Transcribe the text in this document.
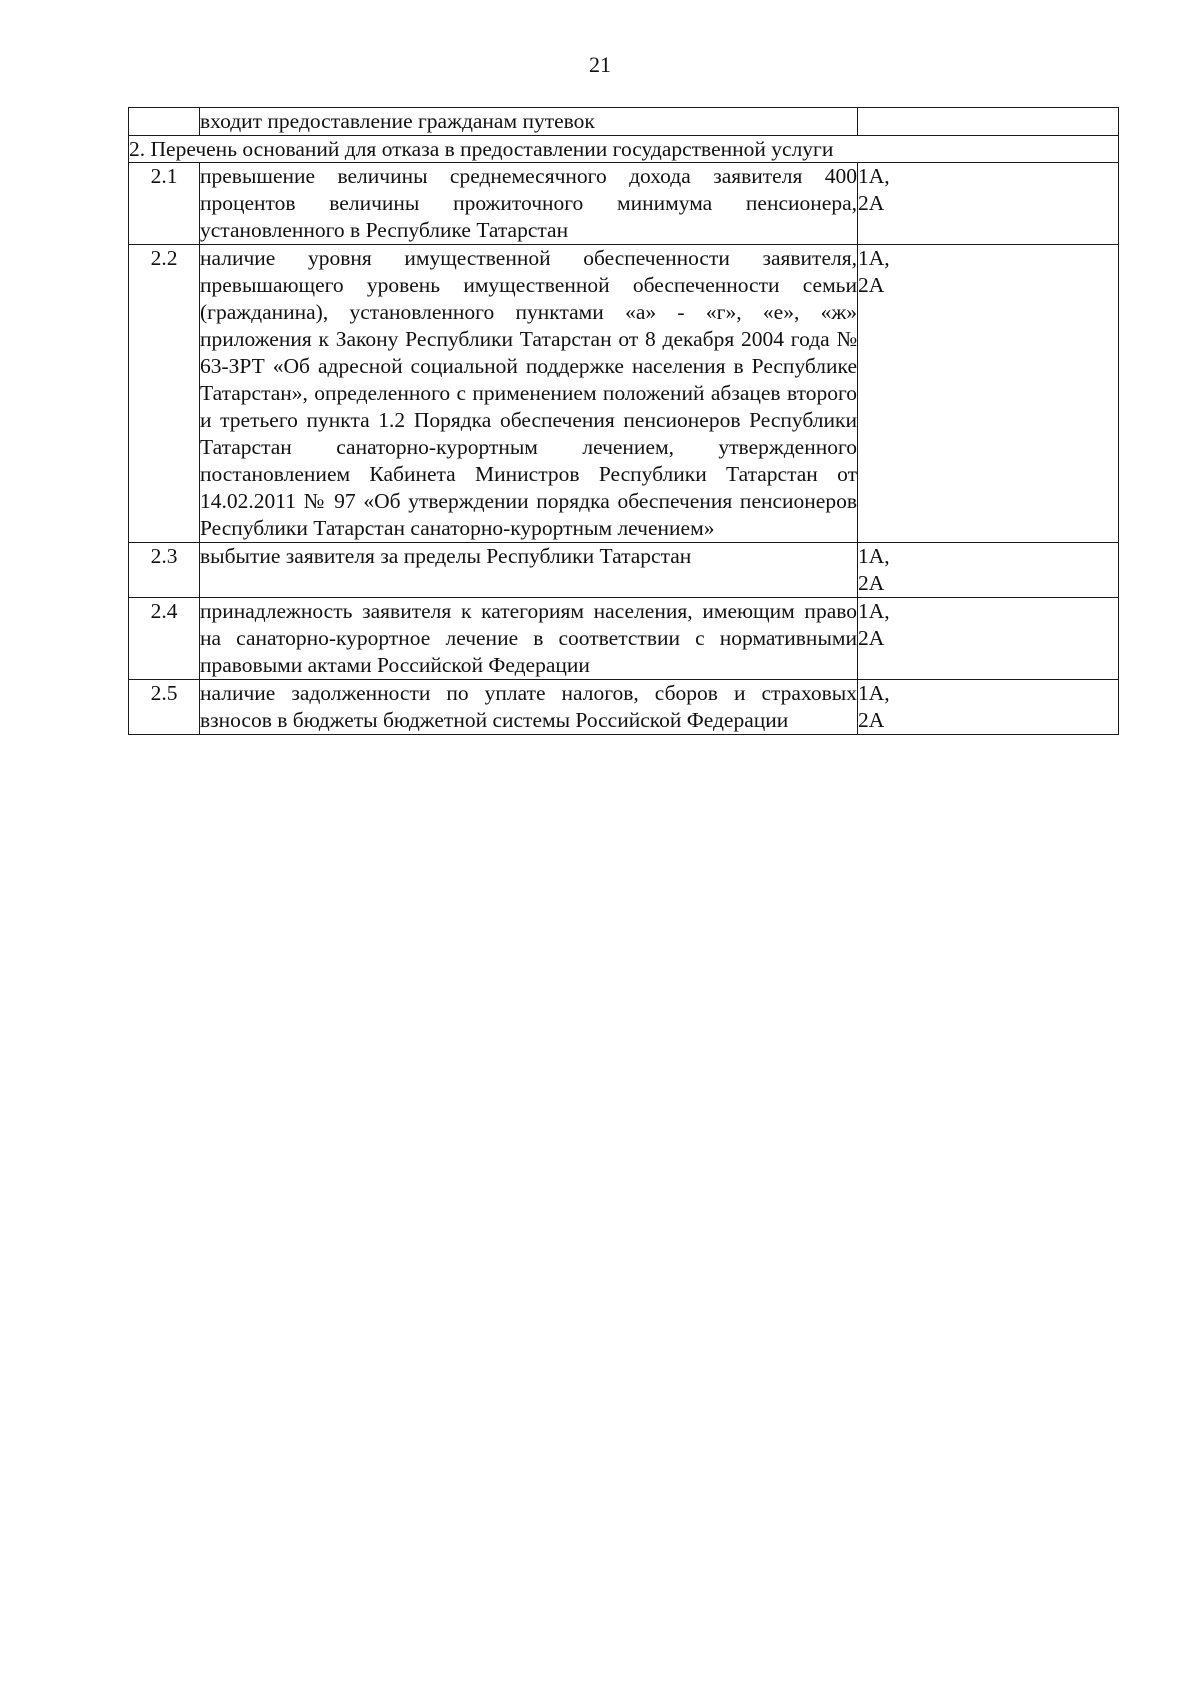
21
	входит предоставление гражданам путевок	
2. Перечень оснований для отказа в предоставлении государственной услуги		
2.1	превышение величины среднемесячного дохода заявителя 400 процентов величины прожиточного минимума пенсионера, установленного в Республике Татарстан	1А,
2А

2.2	наличие уровня имущественной обеспеченности заявителя, превышающего уровень имущественной обеспеченности семьи (гражданина), установленного пунктами «а» - «г», «е», «ж» приложения к Закону Республики Татарстан от 8 декабря 2004 года № 63-ЗРТ «Об адресной социальной поддержке населения в Республике Татарстан», определенного с применением положений абзацев второго и третьего пункта 1.2 Порядка обеспечения пенсионеров Республики Татарстан санаторно-курортным лечением, утвержденного постановлением Кабинета Министров Республики Татарстан от 14.02.2011 № 97 «Об утверждении порядка обеспечения пенсионеров Республики Татарстан санаторно-курортным лечением»	1А,
2А

2.3	выбытие заявителя за пределы Республики Татарстан	1А,
2А

2.4	принадлежность заявителя к категориям населения, имеющим право на санаторно-курортное лечение в соответствии с нормативными правовыми актами Российской Федерации	1А,
2А

2.5	наличие задолженности по уплате налогов, сборов и страховых взносов в бюджеты бюджетной системы Российской Федерации	1А,
2А
